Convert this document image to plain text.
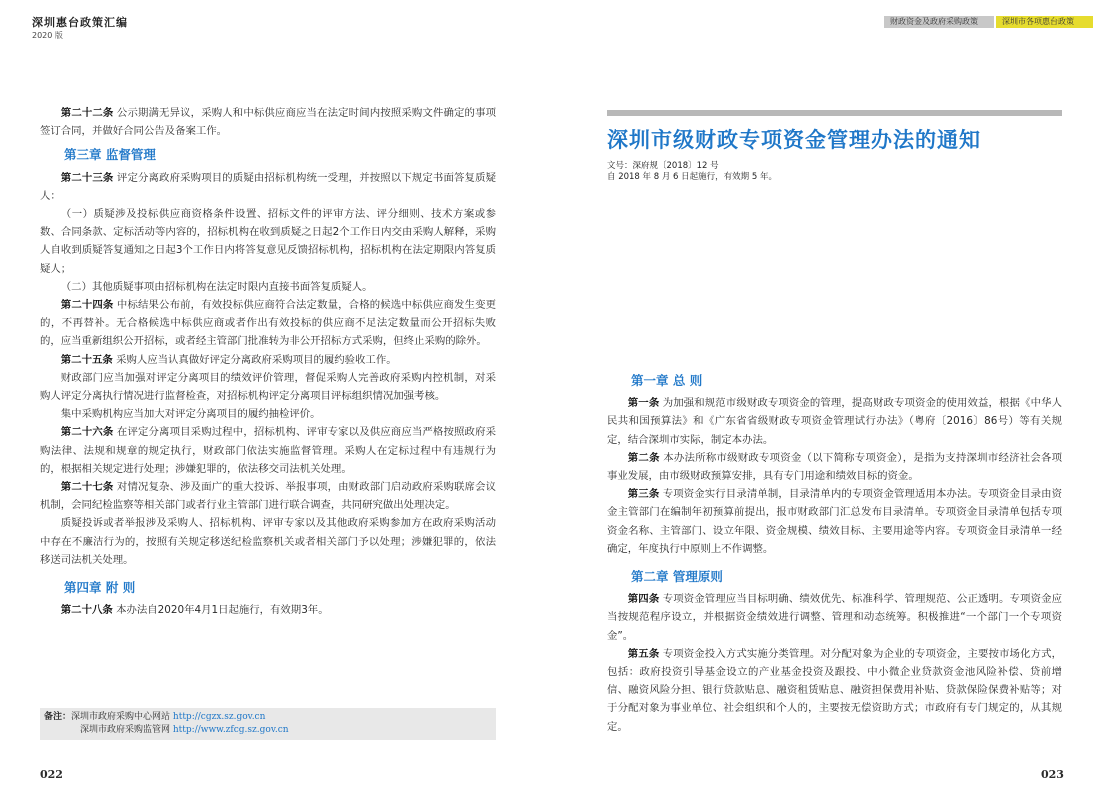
深圳惠台政策汇编
2020 版
财政资金及政府采购政策	深圳市各项惠台政策

第二十二条 公示期满无异议，采购人和中标供应商应当在法定时间内按照采购文件确定的事项签订合同，并做好合同公告及备案工作。

第三章 监督管理

第二十三条 评定分离政府采购项目的质疑由招标机构统一受理，并按照以下规定书面答复质疑人：

（一）质疑涉及投标供应商资格条件设置、招标文件的评审方法、评分细则、技术方案或参数、合同条款、定标活动等内容的，招标机构在收到质疑之日起2个工作日内交由采购人解释，采购人自收到质疑答复通知之日起3个工作日内将答复意见反馈招标机构，招标机构在法定期限内答复质疑人；

（二）其他质疑事项由招标机构在法定时限内直接书面答复质疑人。

第二十四条 中标结果公布前，有效投标供应商符合法定数量，合格的候选中标供应商发生变更的，不再替补。无合格候选中标供应商或者作出有效投标的供应商不足法定数量而公开招标失败的，应当重新组织公开招标，或者经主管部门批准转为非公开招标方式采购，但终止采购的除外。

第二十五条 采购人应当认真做好评定分离政府采购项目的履约验收工作。

财政部门应当加强对评定分离项目的绩效评价管理，督促采购人完善政府采购内控机制，对采购人评定分离执行情况进行监督检查，对招标机构评定分离项目评标组织情况加强考核。

集中采购机构应当加大对评定分离项目的履约抽检评价。

第二十六条 在评定分离项目采购过程中，招标机构、评审专家以及供应商应当严格按照政府采购法律、法规和规章的规定执行，财政部门依法实施监督管理。采购人在定标过程中有违规行为的，根据相关规定进行处理；涉嫌犯罪的，依法移交司法机关处理。

第二十七条 对情况复杂、涉及面广的重大投诉、举报事项，由财政部门启动政府采购联席会议机制，会同纪检监察等相关部门或者行业主管部门进行联合调查，共同研究做出处理决定。

质疑投诉或者举报涉及采购人、招标机构、评审专家以及其他政府采购参加方在政府采购活动中存在不廉洁行为的，按照有关规定移送纪检监察机关或者相关部门予以处理；涉嫌犯罪的，依法移送司法机关处理。

第四章 附 则

第二十八条 本办法自2020年4月1日起施行，有效期3年。

备注：深圳市政府采购中心网站 http://cgzx.sz.gov.cn
深圳市政府采购监管网 http://www.zfcg.sz.gov.cn
022
深圳市级财政专项资金管理办法的通知
文号：深府规〔2018〕12 号
自 2018 年 8 月 6 日起施行，有效期 5 年。
第一章 总 则

第一条 为加强和规范市级财政专项资金的管理，提高财政专项资金的使用效益，根据《中华人民共和国预算法》和《广东省省级财政专项资金管理试行办法》（粤府〔2016〕86号）等有关规定，结合深圳市实际，制定本办法。

第二条 本办法所称市级财政专项资金（以下简称专项资金），是指为支持深圳市经济社会各项事业发展，由市级财政预算安排，具有专门用途和绩效目标的资金。

第三条 专项资金实行目录清单制，目录清单内的专项资金管理适用本办法。专项资金目录由资金主管部门在编制年初预算前提出，报市财政部门汇总发布目录清单。专项资金目录清单包括专项资金名称、主管部门、设立年限、资金规模、绩效目标、主要用途等内容。专项资金目录清单一经确定，年度执行中原则上不作调整。

第二章 管理原则

第四条 专项资金管理应当目标明确、绩效优先、标准科学、管理规范、公正透明。专项资金应当按规范程序设立，并根据资金绩效进行调整、管理和动态统筹。积极推进“一个部门一个专项资金”。

第五条 专项资金投入方式实施分类管理。对分配对象为企业的专项资金，主要按市场化方式，包括：政府投资引导基金设立的产业基金投资及跟投、中小微企业贷款资金池风险补偿、贷前增信、融资风险分担、银行贷款贴息、融资租赁贴息、融资担保费用补贴、贷款保险保费补贴等；对于分配对象为事业单位、社会组织和个人的，主要按无偿资助方式；市政府有专门规定的，从其规定。

023
